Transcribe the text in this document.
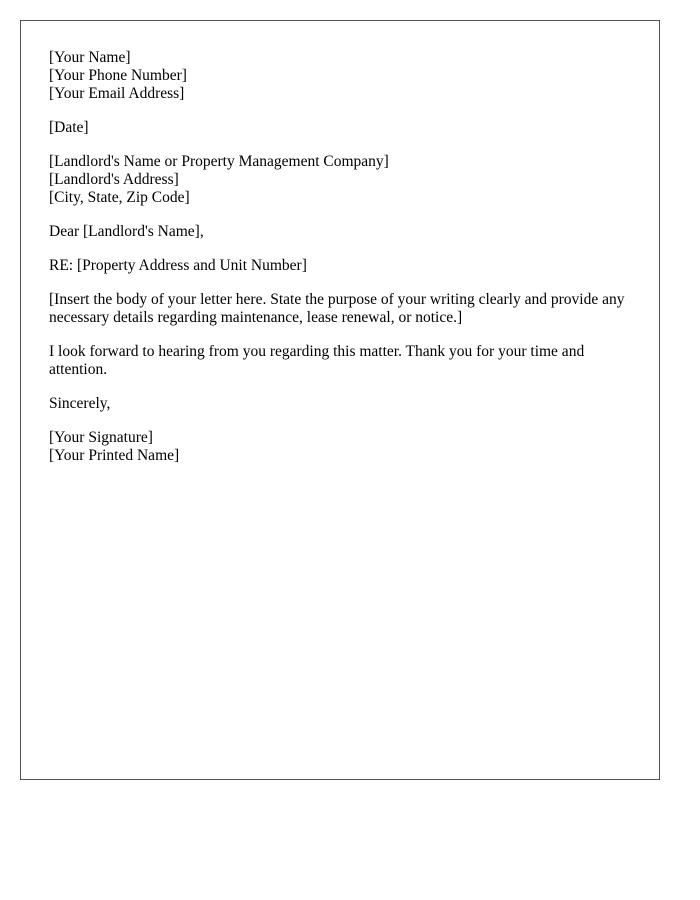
[Your Name]
[Your Phone Number]
[Your Email Address]
[Date]
[Landlord's Name or Property Management Company]
[Landlord's Address]
[City, State, Zip Code]
Dear [Landlord's Name],
RE: [Property Address and Unit Number]
[Insert the body of your letter here. State the purpose of your writing clearly and provide any necessary details regarding maintenance, lease renewal, or notice.]
I look forward to hearing from you regarding this matter. Thank you for your time and attention.
Sincerely,
[Your Signature]
[Your Printed Name]
